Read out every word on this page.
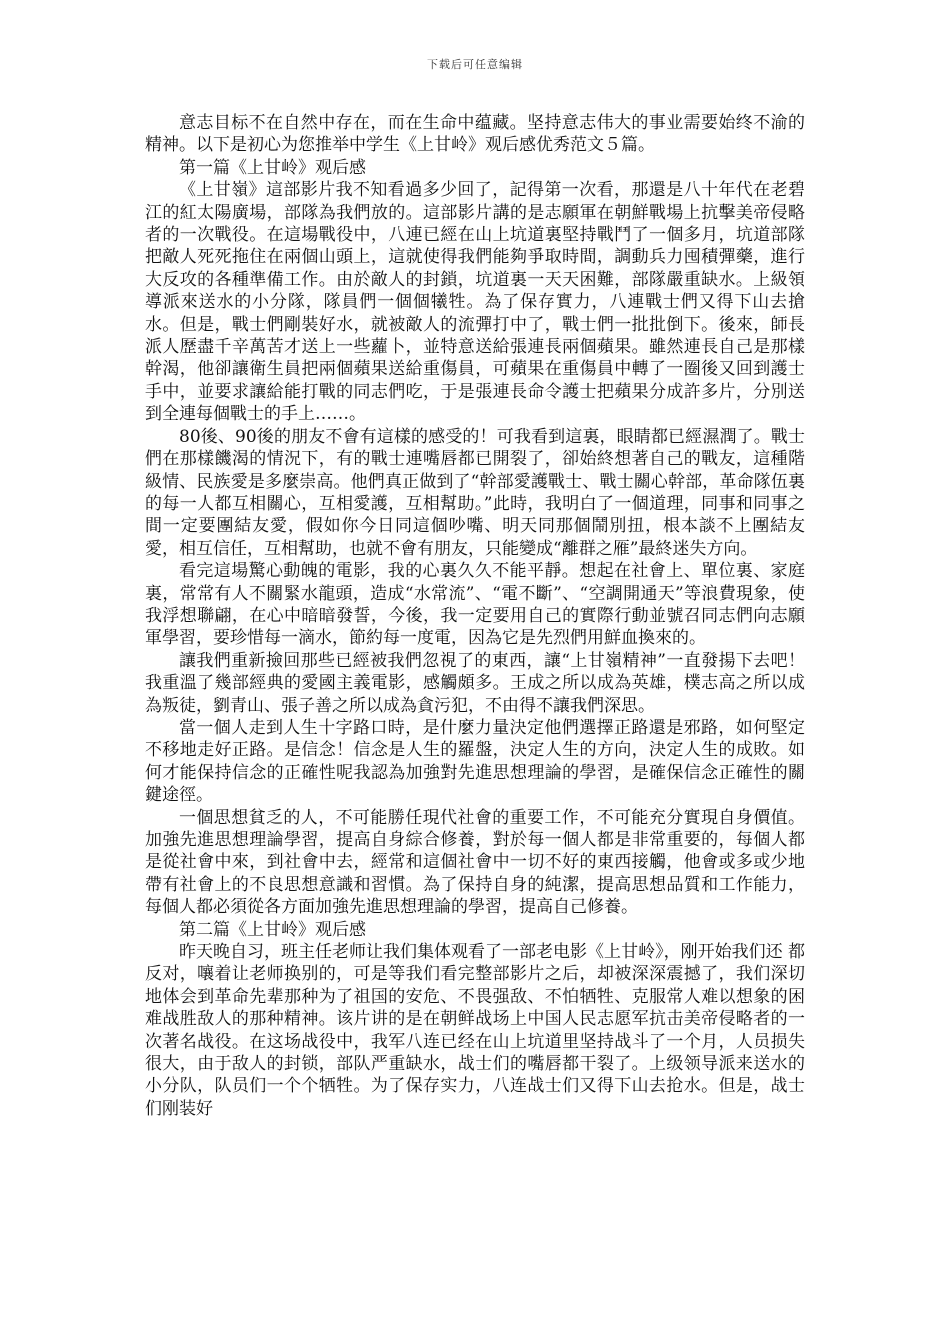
下载后可任意编辑

意志目标不在自然中存在，而在生命中蕴藏。坚持意志伟大的事业需要始终不渝的精神。以下是初心为您推举中学生《上甘岭》观后感优秀范文５篇。

第一篇《上甘岭》观后感

《上甘嶺》這部影片我不知看過多少回了，記得第一次看，那還是八十年代在老碧江的紅太陽廣場，部隊為我們放的。這部影片講的是志願軍在朝鮮戰場上抗擊美帝侵略者的一次戰役。在這場戰役中，八連已經在山上坑道裏堅持戰鬥了一個多月，坑道部隊把敵人死死拖住在兩個山頭上，這就使得我們能夠爭取時間，調動兵力囤積彈藥，進行大反攻的各種準備工作。由於敵人的封鎖，坑道裏一天天困難，部隊嚴重缺水。上級領導派來送水的小分隊，隊員們一個個犧牲。為了保存實力，八連戰士們又得下山去搶水。但是，戰士們剛裝好水，就被敵人的流彈打中了，戰士們一批批倒下。後來，師長派人歷盡千辛萬苦才送上一些蘿卜，並特意送給張連長兩個蘋果。雖然連長自己是那樣幹渴，他卻讓衛生員把兩個蘋果送給重傷員，可蘋果在重傷員中轉了一圈後又回到護士手中，並要求讓給能打戰的同志們吃，于是張連長命令護士把蘋果分成許多片，分別送到全連每個戰士的手上……。

80後、90後的朋友不會有這樣的感受的！可我看到這裏，眼睛都已經濕潤了。戰士們在那樣饑渴的情況下，有的戰士連嘴唇都已開裂了，卻始終想著自己的戰友，這種階級情、民族愛是多麼崇高。他們真正做到了“幹部愛護戰士、戰士關心幹部，革命隊伍裏的每一人都互相關心，互相愛護，互相幫助。”此時，我明白了一個道理，同事和同事之間一定要團結友愛，假如你今日同這個吵嘴、明天同那個鬧別扭，根本談不上團結友愛，相互信任，互相幫助，也就不會有朋友，只能變成“離群之雁”最終迷失方向。

看完這場驚心動魄的電影，我的心裏久久不能平靜。想起在社會上、單位裏、家庭裏，常常有人不關緊水龍頭，造成“水常流”、“電不斷”、“空調開通天”等浪費現象，使我浮想聯翩，在心中暗暗發誓，今後，我一定要用自己的實際行動並號召同志們向志願軍學習，要珍惜每一滴水，節約每一度電，因為它是先烈們用鮮血換來的。

讓我們重新撿回那些已經被我們忽視了的東西，讓“上甘嶺精神”一直發揚下去吧！我重溫了幾部經典的愛國主義電影，感觸頗多。王成之所以成為英雄，樸志高之所以成為叛徒，劉青山、張子善之所以成為貪污犯，不由得不讓我們深思。

當一個人走到人生十字路口時，是什麼力量決定他們選擇正路還是邪路，如何堅定不移地走好正路。是信念！信念是人生的羅盤，決定人生的方向，決定人生的成敗。如何才能保持信念的正確性呢我認為加強對先進思想理論的學習，是確保信念正確性的關鍵途徑。

一個思想貧乏的人，不可能勝任現代社會的重要工作，不可能充分實現自身價值。加強先進思想理論學習，提高自身綜合修養，對於每一個人都是非常重要的，每個人都是從社會中來，到社會中去，經常和這個社會中一切不好的東西接觸，他會或多或少地帶有社會上的不良思想意識和習慣。為了保持自身的純潔，提高思想品質和工作能力，每個人都必須從各方面加強先進思想理論的學習，提高自己修養。

第二篇《上甘岭》观后感

昨天晚自习，班主任老师让我们集体观看了一部老电影《上甘岭》，刚开始我们还 都反对，嚷着让老师换别的，可是等我们看完整部影片之后，却被深深震撼了，我们深切地体会到革命先辈那种为了祖国的安危、不畏强敌、不怕牺牲、克服常人难以想象的困难战胜敌人的那种精神。该片讲的是在朝鲜战场上中国人民志愿军抗击美帝侵略者的一次著名战役。在这场战役中，我军八连已经在山上坑道里坚持战斗了一个月，人员损失很大，由于敌人的封锁，部队严重缺水，战士们的嘴唇都干裂了。上级领导派来送水的小分队，队员们一个个牺牲。为了保存实力，八连战士们又得下山去抢水。但是，战士们刚装好
